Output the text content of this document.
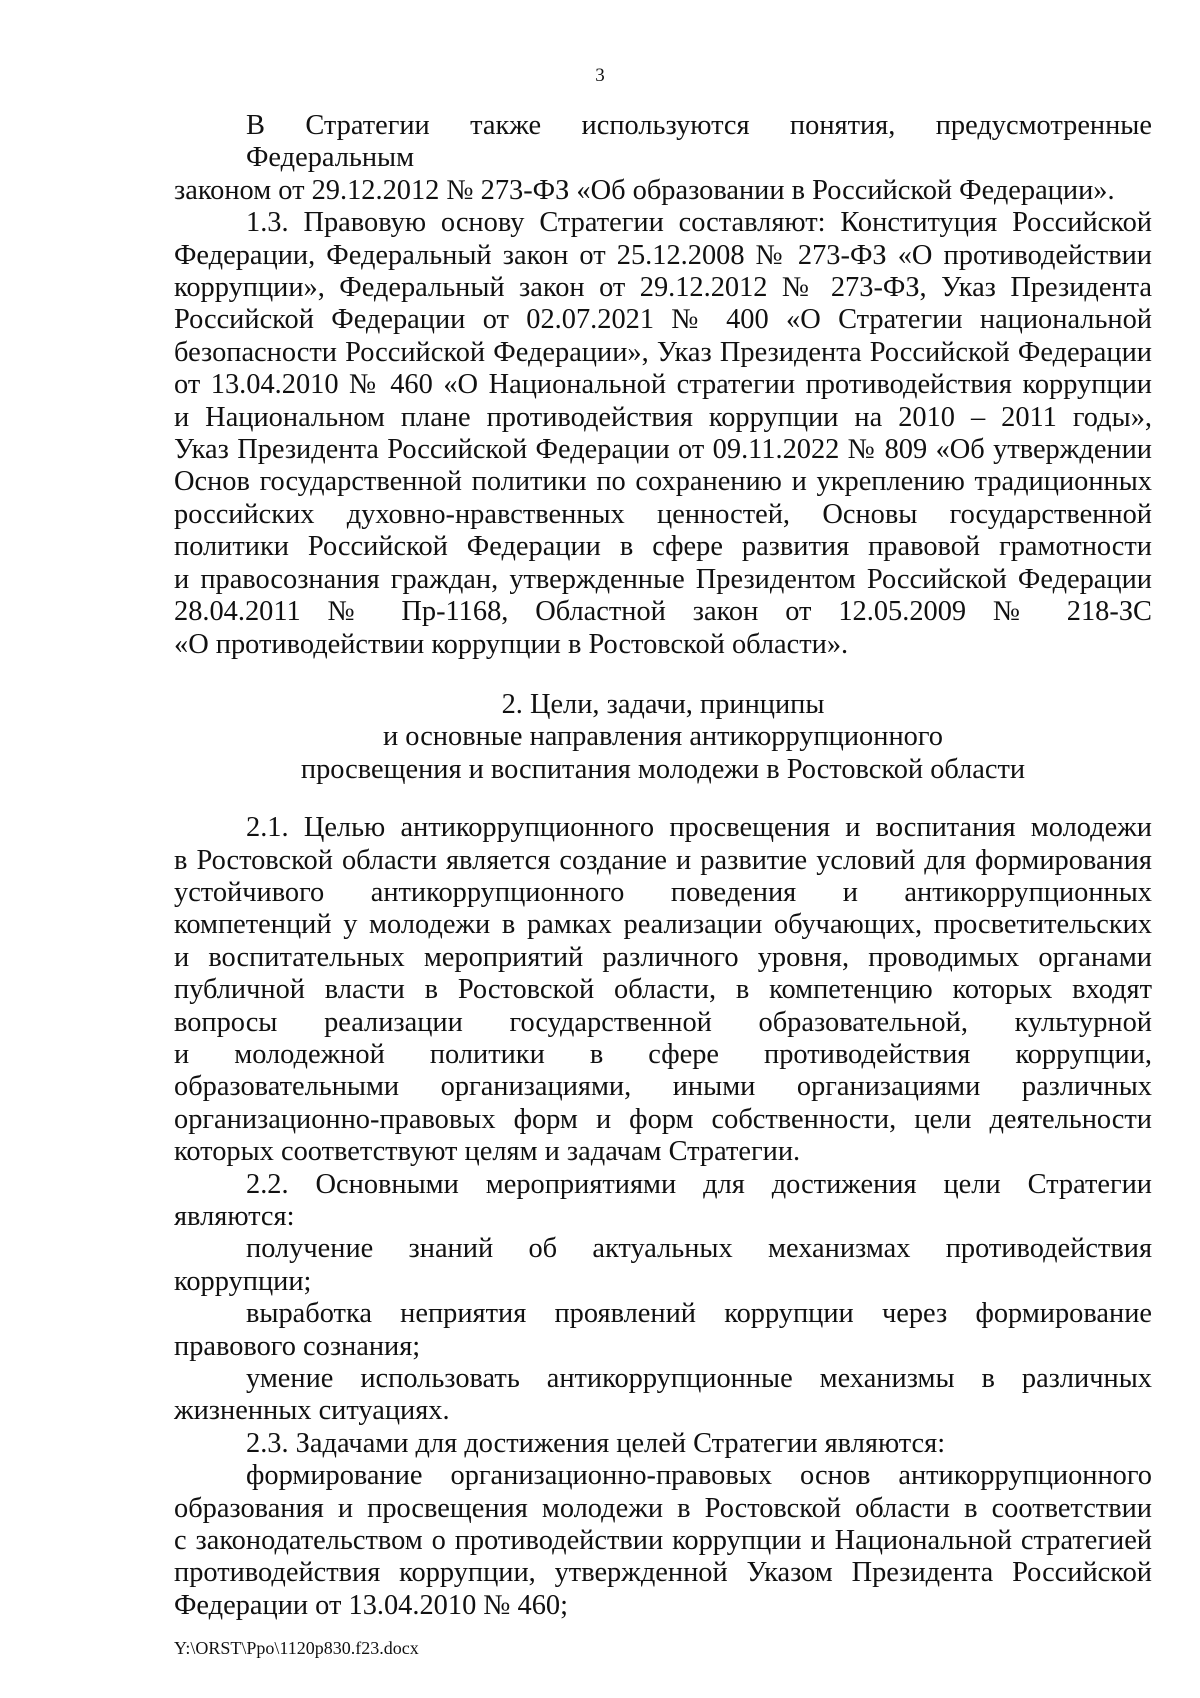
3
В Стратегии также используются понятия, предусмотренные Федеральным
законом от 29.12.2012 № 273-ФЗ «Об образовании в Российской Федерации».
1.3. Правовую основу Стратегии составляют: Конституция Российской
Федерации, Федеральный закон от 25.12.2008 № 273-ФЗ «О противодействии
коррупции», Федеральный закон от 29.12.2012 № 273-ФЗ, Указ Президента
Российской Федерации от 02.07.2021 № 400 «О Стратегии национальной
безопасности Российской Федерации», Указ Президента Российской Федерации
от 13.04.2010 № 460 «О Национальной стратегии противодействия коррупции
и Национальном плане противодействия коррупции на 2010 – 2011 годы»,
Указ Президента Российской Федерации от 09.11.2022 № 809 «Об утверждении
Основ государственной политики по сохранению и укреплению традиционных
российских духовно-нравственных ценностей, Основы государственной
политики Российской Федерации в сфере развития правовой грамотности
и правосознания граждан, утвержденные Президентом Российской Федерации
28.04.2011 № Пр-1168, Областной закон от 12.05.2009 № 218-ЗС
«О противодействии коррупции в Ростовской области».
2. Цели, задачи, принципы
и основные направления антикоррупционного
просвещения и воспитания молодежи в Ростовской области
2.1. Целью антикоррупционного просвещения и воспитания молодежи
в Ростовской области является создание и развитие условий для формирования
устойчивого антикоррупционного поведения и антикоррупционных
компетенций у молодежи в рамках реализации обучающих, просветительских
и воспитательных мероприятий различного уровня, проводимых органами
публичной власти в Ростовской области, в компетенцию которых входят
вопросы реализации государственной образовательной, культурной
и молодежной политики в сфере противодействия коррупции,
образовательными организациями, иными организациями различных
организационно-правовых форм и форм собственности, цели деятельности
которых соответствуют целям и задачам Стратегии.
2.2. Основными мероприятиями для достижения цели Стратегии
являются:
получение знаний об актуальных механизмах противодействия
коррупции;
выработка неприятия проявлений коррупции через формирование
правового сознания;
умение использовать антикоррупционные механизмы в различных
жизненных ситуациях.
2.3. Задачами для достижения целей Стратегии являются:
формирование организационно-правовых основ антикоррупционного
образования и просвещения молодежи в Ростовской области в соответствии
с законодательством о противодействии коррупции и Национальной стратегией
противодействия коррупции, утвержденной Указом Президента Российской
Федерации от 13.04.2010 № 460;
Y:\ORST\Ppo\1120p830.f23.docx
